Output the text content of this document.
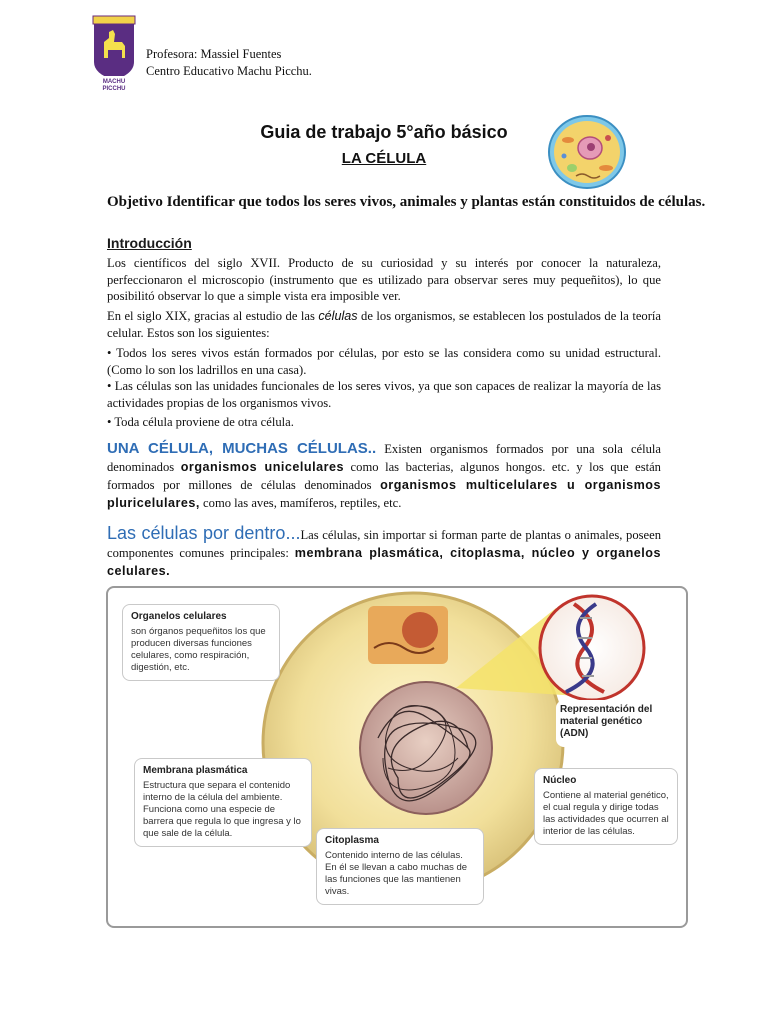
MACHU
PICCHU
Profesora: Massiel Fuentes
Centro Educativo Machu Picchu.
Guia de trabajo 5°año básico
LA CÉLULA
Objetivo Identificar que todos los seres vivos, animales y plantas están constituidos de células.
Introducción
Los científicos del siglo XVII. Producto de su curiosidad y su interés por conocer la naturaleza, perfeccionaron el microscopio (instrumento que es utilizado para observar seres muy pequeñitos), lo que posibilitó observar lo que a simple vista era imposible ver.
En el siglo XIX, gracias al estudio de las células de los organismos, se establecen los postulados de la teoría celular. Estos son los siguientes:
• Todos los seres vivos están formados por células, por esto se las considera como su unidad estructural. (Como lo son los ladrillos en una casa).
• Las células son las unidades funcionales de los seres vivos, ya que son capaces de realizar la mayoría de las actividades propias de los organismos vivos.
• Toda célula proviene de otra célula.
UNA CÉLULA, MUCHAS CÉLULAS.. Existen organismos formados por una sola célula denominados organismos unicelulares como las bacterias, algunos hongos. etc. y los que están formados por millones de células denominados organismos multicelulares u organismos pluricelulares, como las aves, mamíferos, reptiles, etc.
Las células por dentro...Las células, sin importar si forman parte de plantas o animales, poseen componentes comunes principales: membrana plasmática, citoplasma, núcleo y organelos celulares.
Organelos celulares
son órganos pequeñitos los que producen diversas funciones celulares, como respiración, digestión, etc.
Membrana plasmática
Estructura que separa el contenido interno de la célula del ambiente. Funciona como una especie de barrera que regula lo que ingresa y lo que sale de la célula.
Citoplasma
Contenido interno de las células. En él se llevan a cabo muchas de las funciones que las mantienen vivas.
Representación del material genético (ADN)
Núcleo
Contiene al material genético, el cual regula y dirige todas las actividades que ocurren al interior de las células.
